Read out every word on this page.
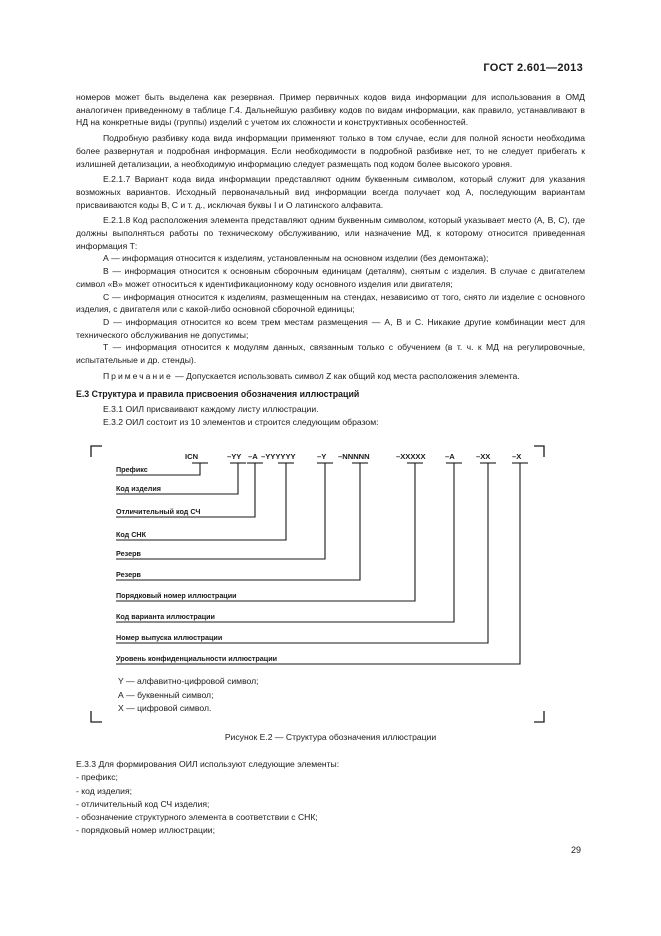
ГОСТ 2.601—2013

номеров может быть выделена как резервная. Пример первичных кодов вида информации для использования в ОМД аналогичен приведенному в таблице Г.4. Дальнейшую разбивку кодов по видам информации, как правило, устанавливают в НД на конкретные виды (группы) изделий с учетом их сложности и конструктивных особенностей.

Подробную разбивку кода вида информации применяют только в том случае, если для полной ясности необходима более развернутая и подробная информация. Если необходимости в подробной разбивке нет, то не следует прибегать к излишней детализации, а необходимую информацию следует размещать под кодом более высокого уровня.

Е.2.1.7 Вариант кода вида информации представляют одним буквенным символом, который служит для указания возможных вариантов. Исходный первоначальный вид информации всегда получает код А, последующим вариантам присваиваются коды В, С и т. д., исключая буквы I и О латинского алфавита.

Е.2.1.8 Код расположения элемента представляют одним буквенным символом, который указывает место (А, В, С), где должны выполняться работы по техническому обслуживанию, или назначение МД, к которому относится приведенная информация Т:

А — информация относится к изделиям, установленным на основном изделии (без демонтажа);

В — информация относится к основным сборочным единицам (деталям), снятым с изделия. В случае с двигателем символ «В» может относиться к идентификационному коду основного изделия или двигателя;

С — информация относится к изделиям, размещенным на стендах, независимо от того, снято ли изделие с основного изделия, с двигателя или с какой-либо основной сборочной единицы;

D — информация относится ко всем трем местам размещения — А, В и С. Никакие другие комбинации мест для технического обслуживания не допустимы;

Т — информация относится к модулям данных, связанным только с обучением (в т. ч. к МД на регулировочные, испытательные и др. стенды).

Примечание — Допускается использовать символ Z как общий код места расположения элемента.

Е.3 Структура и правила присвоения обозначения иллюстраций

Е.3.1 ОИЛ присваивают каждому листу иллюстрации.

Е.3.2 ОИЛ состоит из 10 элементов и строится следующим образом:

ICN	–YY –A –YYYYYY	–Y –NNNNN	–XXXXX	–A	–XX	–X
Префикс
Код изделия
Отличительный код СЧ
Код СНК
Резерв
Резерв
Порядковый номер иллюстрации
Код варианта иллюстрации
Номер выпуска иллюстрации
Уровень конфиденциальности иллюстрации
Y — алфавитно-цифровой символ;
А — буквенный символ;
Х — цифровой символ.
Рисунок Е.2 — Структура обозначения иллюстрации
Е.3.3 Для формирования ОИЛ используют следующие элементы:
- префикс;
- код изделия;
- отличительный код СЧ изделия;
- обозначение структурного элемента в соответствии с СНК;
- порядковый номер иллюстрации;
29
